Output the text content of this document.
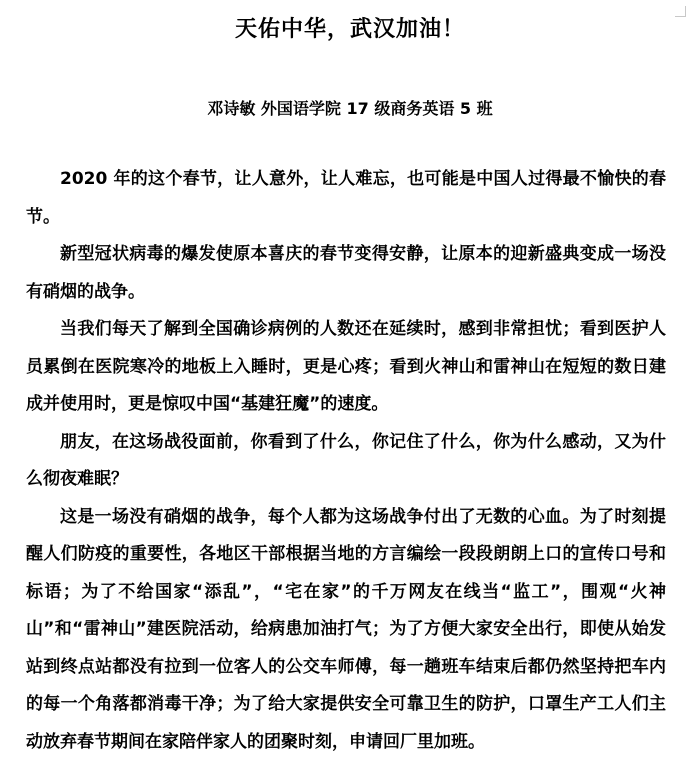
天佑中华，武汉加油！
邓诗敏 外国语学院 17 级商务英语 5 班

2020 年的这个春节，让人意外，让人难忘，也可能是中国人过得最不愉快的春节。

新型冠状病毒的爆发使原本喜庆的春节变得安静，让原本的迎新盛典变成一场没有硝烟的战争。

当我们每天了解到全国确诊病例的人数还在延续时，感到非常担忧；看到医护人员累倒在医院寒冷的地板上入睡时，更是心疼；看到火神山和雷神山在短短的数日建成并使用时，更是惊叹中国“基建狂魔”的速度。

朋友，在这场战役面前，你看到了什么，你记住了什么，你为什么感动，又为什么彻夜难眠？

这是一场没有硝烟的战争，每个人都为这场战争付出了无数的心血。为了时刻提醒人们防疫的重要性，各地区干部根据当地的方言编绘一段段朗朗上口的宣传口号和标语；为了不给国家“添乱”，“宅在家”的千万网友在线当“监工”，围观“火神山”和“雷神山”建医院活动，给病患加油打气；为了方便大家安全出行，即使从始发站到终点站都没有拉到一位客人的公交车师傅，每一趟班车结束后都仍然坚持把车内的每一个角落都消毒干净；为了给大家提供安全可靠卫生的防护，口罩生产工人们主动放弃春节期间在家陪伴家人的团聚时刻，申请回厂里加班。
